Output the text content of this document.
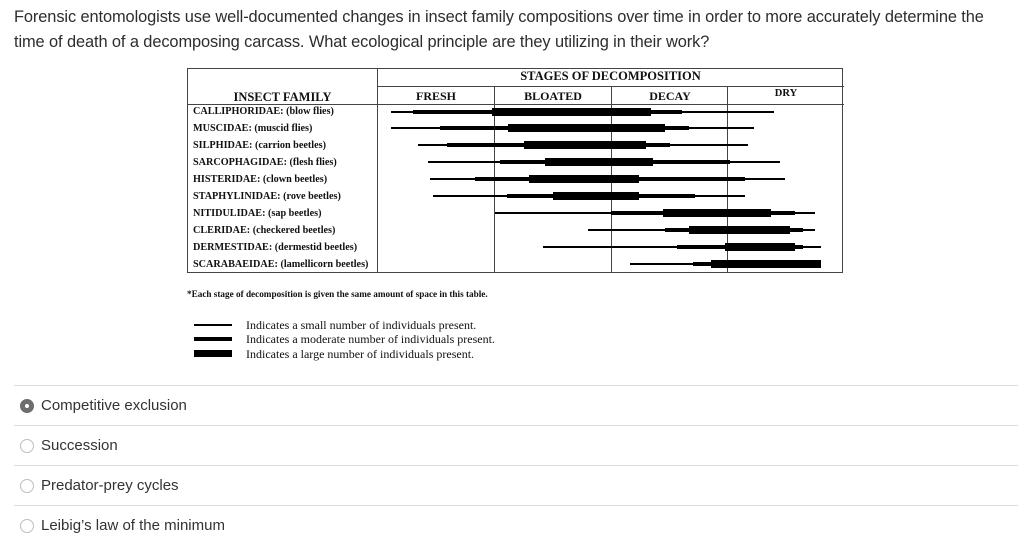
Forensic entomologists use well-documented changes in insect family compositions over time in order to more accurately determine the time of death of a decomposing carcass. What ecological principle are they utilizing in their work?
STAGES OF DECOMPOSITION
INSECT FAMILY	FRESH	BLOATED	DECAY	DRY
CALLIPHORIDAE: (blow flies)
MUSCIDAE: (muscid flies)
SILPHIDAE: (carrion beetles)
SARCOPHAGIDAE: (flesh flies)
HISTERIDAE: (clown beetles)
STAPHYLINIDAE: (rove beetles)
NITIDULIDAE: (sap beetles)
CLERIDAE: (checkered beetles)
DERMESTIDAE: (dermestid beetles)
SCARABAEIDAE: (lamellicorn beetles)
*Each stage of decomposition is given the same amount of space in this table.
Indicates a small number of individuals present.
Indicates a moderate number of individuals present.
Indicates a large number of individuals present.
Competitive exclusion
Succession
Predator-prey cycles
Leibig’s law of the minimum
